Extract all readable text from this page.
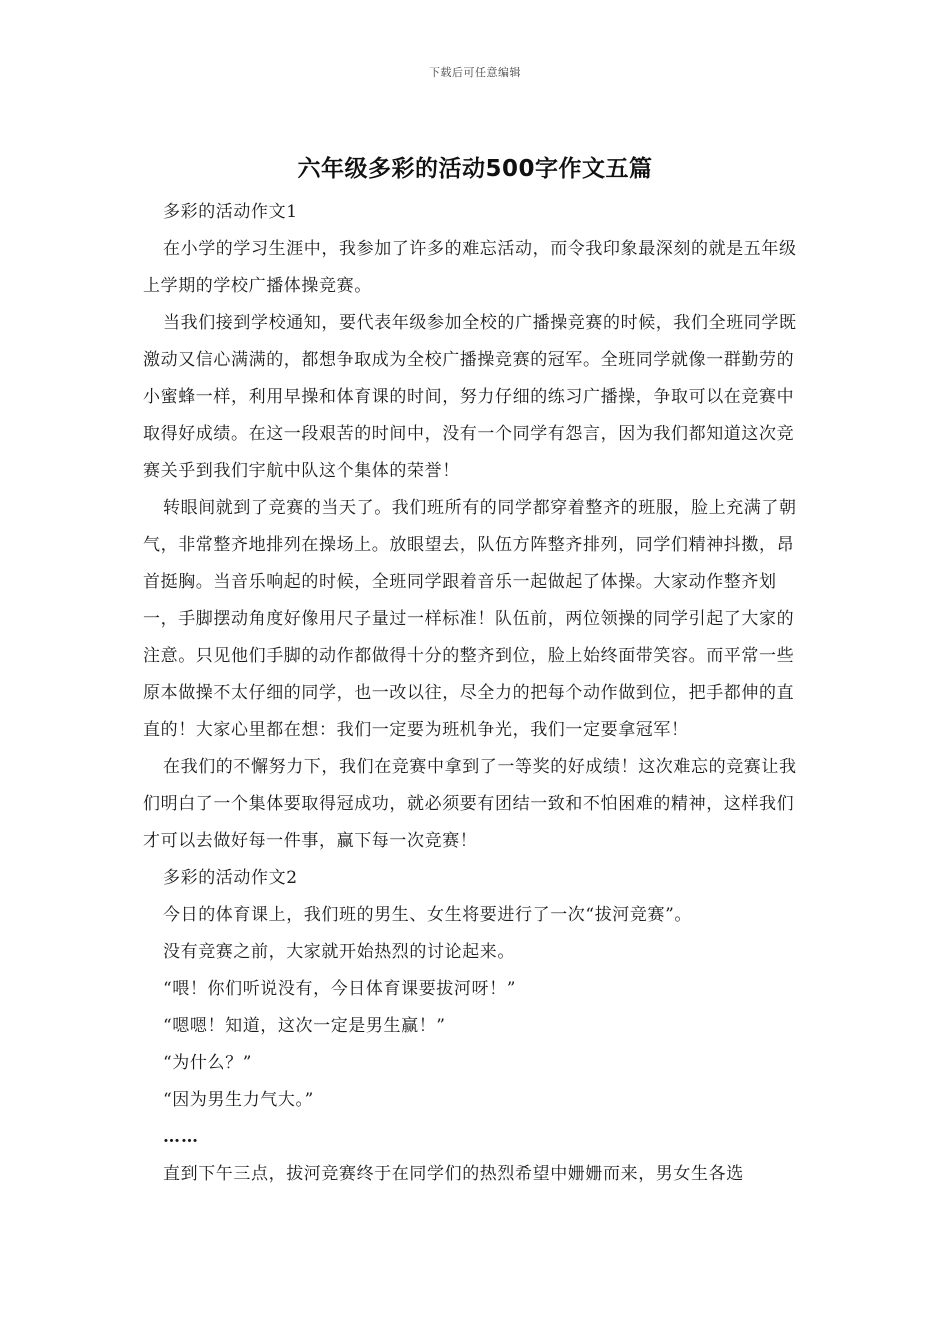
下载后可任意编辑
六年级多彩的活动500字作文五篇

多彩的活动作文1

在小学的学习生涯中，我参加了许多的难忘活动，而令我印象最深刻的就是五年级上学期的学校广播体操竞赛。

当我们接到学校通知，要代表年级参加全校的广播操竞赛的时候，我们全班同学既激动又信心满满的，都想争取成为全校广播操竞赛的冠军。全班同学就像一群勤劳的小蜜蜂一样，利用早操和体育课的时间，努力仔细的练习广播操，争取可以在竞赛中取得好成绩。在这一段艰苦的时间中，没有一个同学有怨言，因为我们都知道这次竞赛关乎到我们宇航中队这个集体的荣誉！

转眼间就到了竞赛的当天了。我们班所有的同学都穿着整齐的班服，脸上充满了朝气，非常整齐地排列在操场上。放眼望去，队伍方阵整齐排列，同学们精神抖擞，昂首挺胸。当音乐响起的时候，全班同学跟着音乐一起做起了体操。大家动作整齐划一，手脚摆动角度好像用尺子量过一样标准！队伍前，两位领操的同学引起了大家的注意。只见他们手脚的动作都做得十分的整齐到位，脸上始终面带笑容。而平常一些原本做操不太仔细的同学，也一改以往，尽全力的把每个动作做到位，把手都伸的直直的！大家心里都在想：我们一定要为班机争光，我们一定要拿冠军！

在我们的不懈努力下，我们在竞赛中拿到了一等奖的好成绩！这次难忘的竞赛让我们明白了一个集体要取得冠成功，就必须要有团结一致和不怕困难的精神，这样我们才可以去做好每一件事，赢下每一次竞赛！

多彩的活动作文2

今日的体育课上，我们班的男生、女生将要进行了一次“拔河竞赛”。

没有竞赛之前，大家就开始热烈的讨论起来。

“喂！你们听说没有，今日体育课要拔河呀！”

“嗯嗯！知道，这次一定是男生赢！”

“为什么？”

“因为男生力气大。”

……

直到下午三点，拔河竞赛终于在同学们的热烈希望中姗姗而来，男女生各选
